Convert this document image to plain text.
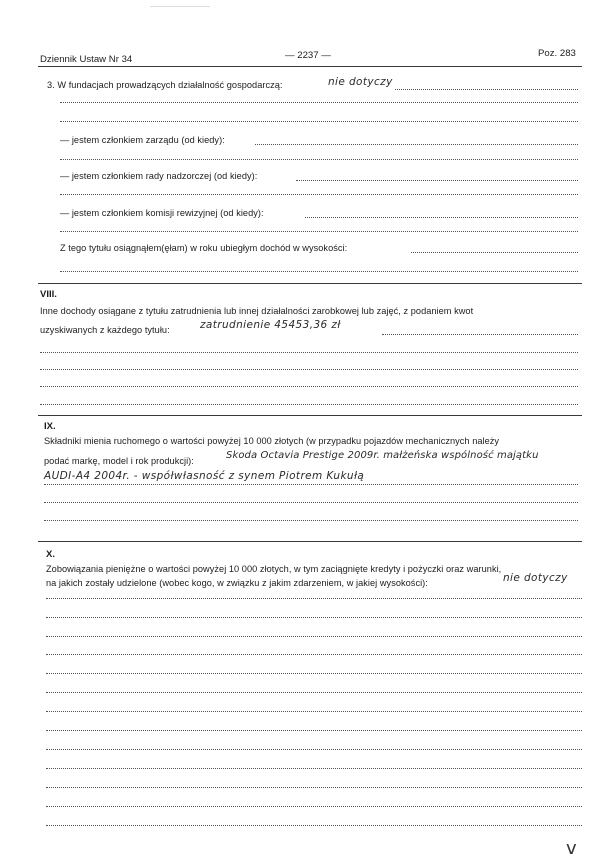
Dziennik Ustaw Nr 34	— 2237 —	Poz. 283
3. W fundacjach prowadzących działalność gospodarczą:	nie dotyczy
— jestem członkiem zarządu (od kiedy):
— jestem członkiem rady nadzorczej (od kiedy):
— jestem członkiem komisji rewizyjnej (od kiedy):
Z tego tytułu osiągnąłem(ęłam) w roku ubiegłym dochód w wysokości:
VIII.
Inne dochody osiągane z tytułu zatrudnienia lub innej działalności zarobkowej lub zajęć, z podaniem kwot
uzyskiwanych z każdego tytułu:	zatrudnienie 45453,36 zł
IX.
Składniki mienia ruchomego o wartości powyżej 10 000 złotych (w przypadku pojazdów mechanicznych należy
podać markę, model i rok produkcji):	Skoda Octavia Prestige 2009r. małżeńska wspólność majątku
AUDI-A4 2004r. - współwłasność z synem Piotrem Kukułą
X.
Zobowiązania pieniężne o wartości powyżej 10 000 złotych, w tym zaciągnięte kredyty i pożyczki oraz warunki,
na jakich zostały udzielone (wobec kogo, w związku z jakim zdarzeniem, w jakiej wysokości):	nie dotyczy
v
